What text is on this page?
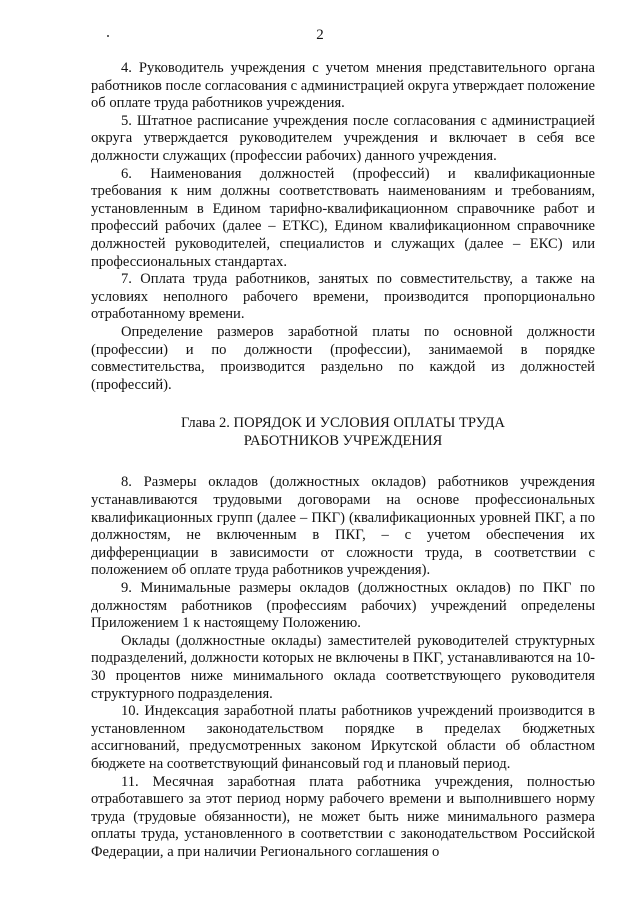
2

4. Руководитель учреждения с учетом мнения представительного органа работников после согласования с администрацией округа утверждает положение об оплате труда работников учреждения.

5. Штатное расписание учреждения после согласования с администрацией округа утверждается руководителем учреждения и включает в себя все должности служащих (профессии рабочих) данного учреждения.

6. Наименования должностей (профессий) и квалификационные требования к ним должны соответствовать наименованиям и требованиям, установленным в Едином тарифно-квалификационном справочнике работ и профессий рабочих (далее – ЕТКС), Едином квалификационном справочнике должностей руководителей, специалистов и служащих (далее – ЕКС) или профессиональных стандартах.

7. Оплата труда работников, занятых по совместительству, а также на условиях неполного рабочего времени, производится пропорционально отработанному времени.

Определение размеров заработной платы по основной должности (профессии) и по должности (профессии), занимаемой в порядке совместительства, производится раздельно по каждой из должностей (профессий).

Глава 2. ПОРЯДОК И УСЛОВИЯ ОПЛАТЫ ТРУДА
РАБОТНИКОВ УЧРЕЖДЕНИЯ

8. Размеры окладов (должностных окладов) работников учреждения устанавливаются трудовыми договорами на основе профессиональных квалификационных групп (далее – ПКГ) (квалификационных уровней ПКГ, а по должностям, не включенным в ПКГ, – с учетом обеспечения их дифференциации в зависимости от сложности труда, в соответствии с положением об оплате труда работников учреждения).

9. Минимальные размеры окладов (должностных окладов) по ПКГ по должностям работников (профессиям рабочих) учреждений определены Приложением 1 к настоящему Положению.

Оклады (должностные оклады) заместителей руководителей структурных подразделений, должности которых не включены в ПКГ, устанавливаются на 10-30 процентов ниже минимального оклада соответствующего руководителя структурного подразделения.

10. Индексация заработной платы работников учреждений производится в установленном законодательством порядке в пределах бюджетных ассигнований, предусмотренных законом Иркутской области об областном бюджете на соответствующий финансовый год и плановый период.

11. Месячная заработная плата работника учреждения, полностью отработавшего за этот период норму рабочего времени и выполнившего норму труда (трудовые обязанности), не может быть ниже минимального размера оплаты труда, установленного в соответствии с законодательством Российской Федерации, а при наличии Регионального соглашения о
